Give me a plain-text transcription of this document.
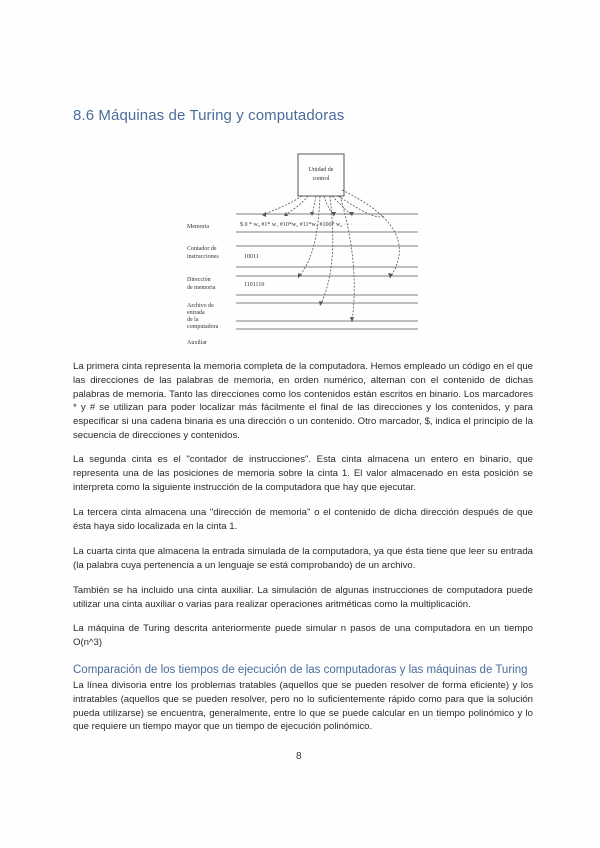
8.6 Máquinas de Turing y computadoras
Unidad de
control
Memoria
Contador de
instrucciones
Dirección
de memoria
Archivo de
entrada
de la
computadora
Auxiliar
$ 0 * w₀ #1* w₁ #10*w₂ #11*w₃ #100* w₄ · · ·
10011
1101110

La primera cinta representa la memoria completa de la computadora. Hemos empleado un código en el que las direcciones de las palabras de memoria, en orden numérico, alternan con el contenido de dichas palabras de memoria. Tanto las direcciones como los contenidos están escritos en binario. Los marcadores * y # se utilizan para poder localizar más fácilmente el final de las direcciones y los contenidos, y para especificar si una cadena binaria es una dirección o un contenido. Otro marcador, $, indica el principio de la secuencia de direcciones y contenidos.

La segunda cinta es el "contador de instrucciones". Esta cinta almacena un entero en binario, que representa una de las posiciones de memoria sobre la cinta 1. El valor almacenado en esta posición se interpreta como la siguiente instrucción de la computadora que hay que ejecutar.

La tercera cinta almacena una "dirección de memoria" o el contenido de dicha dirección después de que ésta haya sido localizada en la cinta 1.

La cuarta cinta que almacena la entrada simulada de la computadora, ya que ésta tiene que leer su entrada (la palabra cuya pertenencia a un lenguaje se está comprobando) de un archivo.

También se ha incluido una cinta auxiliar. La simulación de algunas instrucciones de computadora puede utilizar una cinta auxiliar o varias para realizar operaciones aritméticas como la multiplicación.

La máquina de Turing descrita anteriormente puede simular n pasos de una computadora en un tiempo O(n^3)

Comparación de los tiempos de ejecución de las computadoras y las máquinas de Turing

La línea divisoria entre los problemas tratables (aquellos que se pueden resolver de forma eficiente) y los intratables (aquellos que se pueden resolver, pero no lo suficientemente rápido como para que la solución pueda utilizarse) se encuentra, generalmente, entre lo que se puede calcular en un tiempo polinómico y lo que requiere un tiempo mayor que un tiempo de ejecución polinómico.

8
